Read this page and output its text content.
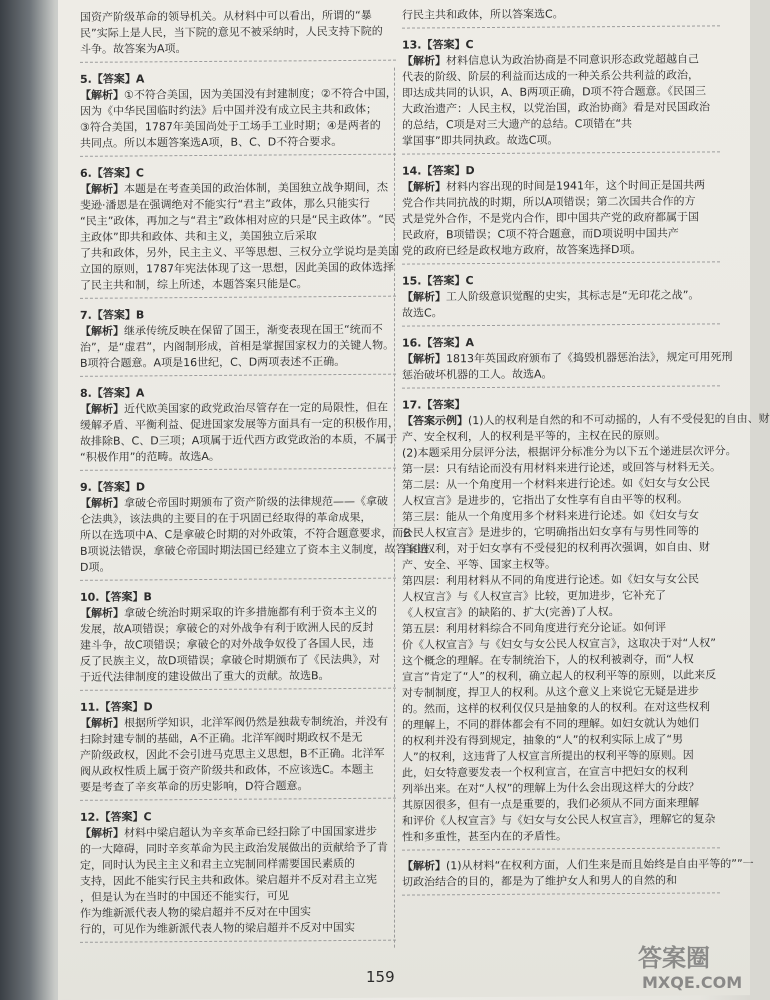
国资产阶级革命的领导机关。从材料中可以看出，所谓的“暴
民”实际上是人民，当下院的意见不被采纳时，人民支持下院的
斗争。故答案为A项。
5.【答案】A
【解析】①不符合美国，因为美国没有封建制度；②不符合中国，
因为《中华民国临时约法》后中国并没有成立民主共和政体；
③符合美国，1787年美国尚处于工场手工业时期；④是两者的
共同点。所以本题答案选A项，B、C、D不符合要求。
6.【答案】C
【解析】本题是在考查美国的政治体制，美国独立战争期间，杰
斐逊·潘恩是在强调绝对不能实行“君主”政体，那么只能实行
“民主”政体，再加之与“君主”政体相对应的只是“民主政体”。“民
主政体”即共和政体、共和主义，美国独立后采取
了共和政体，另外，民主主义、平等思想、三权分立学说均是美国
立国的原则，1787年宪法体现了这一思想，因此美国的政体选择
了民主共和制，综上所述，本题答案只能是C。
7.【答案】B
【解析】继承传统反映在保留了国王，渐变表现在国王“统而不
治”，是“虚君”，内阁制形成，首相是掌握国家权力的关键人物。
B项符合题意。A项是16世纪，C、D两项表述不正确。
8.【答案】A
【解析】近代欧美国家的政党政治尽管存在一定的局限性，但在
缓解矛盾、平衡利益、促进国家发展等方面具有一定的积极作用，
故排除B、C、D三项；A项属于近代西方政党政治的本质，不属于
“积极作用”的范畴。故选A。
9.【答案】D
【解析】拿破仑帝国时期颁布了资产阶级的法律规范——《拿破
仑法典》，该法典的主要目的在于巩固已经取得的革命成果，
所以在选项中A、C是拿破仑时期的对外政策，不符合题意要求，而B
B项说法错误，拿破仑帝国时期法国已经建立了资本主义制度，故答案选
D项。
10.【答案】B
【解析】拿破仑统治时期采取的许多措施都有利于资本主义的
发展，故A项错误；拿破仑的对外战争有利于欧洲人民的反封
建斗争，故C项错误；拿破仑的对外战争奴役了各国人民，违
反了民族主义，故D项错误；拿破仑时期颁布了《民法典》，对
于近代法律制度的建设做出了重大的贡献。故选B。
11.【答案】D
【解析】根据所学知识，北洋军阀仍然是独裁专制统治，并没有
扫除封建专制的基础，A不正确。北洋军阀时期政权不是无
产阶级政权，因此不会引进马克思主义思想，B不正确。北洋军
阀从政权性质上属于资产阶级共和政体，不应该选C。本题主
要是考查了辛亥革命的历史影响，D符合题意。
12.【答案】C
【解析】材料中梁启超认为辛亥革命已经扫除了中国国家进步
的一大障碍，同时辛亥革命为民主政治发展做出的贡献给予了肯
定，同时认为民主主义和君主立宪制同样需要国民素质的
支持，因此不能实行民主共和政体。梁启超并不反对君主立宪
，但是认为在当时的中国还不能实行，可见
作为维新派代表人物的梁启超并不反对在中国实
行的，可见作为维新派代表人物的梁启超并不反对中国实
行民主共和政体，所以答案选C。
13.【答案】C
【解析】材料信息认为政治协商是不同意识形态政党超越自己
代表的阶级、阶层的利益而达成的一种关系公共利益的政治，
即达成共同的认识，A、B两项正确，D项不符合题意。《民国三
大政治遗产：人民主权，以党治国，政治协商》看是对民国政治
的总结，C项是对三大遗产的总结。C项错在“共
掌国事”即共同执政。故选C项。
14.【答案】D
【解析】材料内容出现的时间是1941年，这个时间正是国共两
党合作共同抗战的时期，所以A项错误；第二次国共合作的方
式是党外合作，不是党内合作，即中国共产党的政府都属于国
民政府，B项错误；C项不符合题意，而D项说明中国共产
党的政府已经是政权地方政府，故答案选择D项。
15.【答案】C
【解析】工人阶级意识觉醒的史实，其标志是“无印花之战”。
故选C。
16.【答案】A
【解析】1813年英国政府颁布了《捣毁机器惩治法》，规定可用死刑
惩治破坏机器的工人。故选A。
17.【答案】
【答案示例】(1)人的权利是自然的和不可动摇的，人有不受侵犯的自由、财
产、安全权利，人的权利是平等的，主权在民的原则。
(2)本题采用分层评分法，根据评分标准分为以下五个递进层次评分。
第一层：只有结论而没有用材料来进行论述，或回答与材料无关。
第二层：从一个角度用一个材料来进行论述。如《妇女与女公民
人权宣言》是进步的，它指出了女性享有自由平等的权利。
第三层：能从一个角度用多个材料来进行论述。如《妇女与女
公民人权宣言》是进步的，它明确指出妇女享有与男性同等的
自由权利，对于妇女享有不受侵犯的权利再次强调，如自由、财
产、安全、平等、国家主权等。
第四层：利用材料从不同的角度进行论述。如《妇女与女公民
人权宣言》与《人权宣言》比较，更加进步，它补充了
《人权宣言》的缺陷的、扩大(完善)了人权。
第五层：利用材料综合不同角度进行充分论证。如何评
价《人权宣言》与《妇女与女公民人权宣言》，这取决于对“人权”
这个概念的理解。在专制统治下，人的权利被剥夺，而“人权
宣言”肯定了“人”的权利，确立起人的权利平等的原则，以此来反
对专制制度，捍卫人的权利。从这个意义上来说它无疑是进步
的。然而，这样的权利仅仅只是抽象的人的权利。在对这些权利
的理解上，不同的群体都会有不同的理解。如妇女就认为她们
的权利并没有得到规定，抽象的“人”的权利实际上成了“男
人”的权利，这违背了人权宣言所提出的权利平等的原则。因
此，妇女特意要发表一个权利宣言，在宣言中把妇女的权利
列举出来。在对“人权”的理解上为什么会出现这样大的分歧？
其原因很多，但有一点是重要的，我们必须从不同方面来理解
和评价《人权宣言》与《妇女与女公民人权宣言》，理解它的复杂
性和多重性，甚至内在的矛盾性。
【解析】(1)从材料“在权利方面，人们生来是而且始终是自由平等的””一
切政治结合的目的，都是为了维护女人和男人的自然的和
159
答案圈
MXQE.COM
